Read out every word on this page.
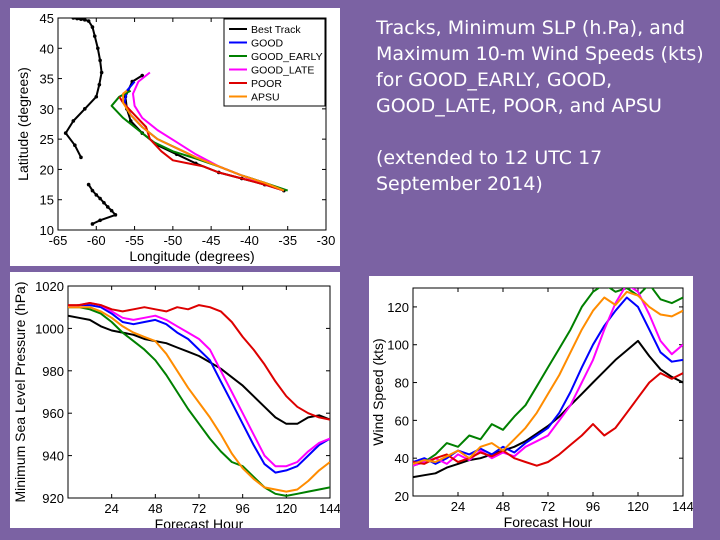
-65 -60 -55 -50 -45 -40 -35 -30
10
15
20
25
30
35
40
45
Longitude (degrees)
Latitude (degrees)
Best Track
GOOD
GOOD_EARLY
GOOD_LATE
POOR
APSU
24 48 72 96 120 144
920
940
960
980
1000
1020
Forecast Hour
Minimum Sea Level Pressure (hPa)
24 48 72 96 120 144
20
40
60
80
100
120
Forecast Hour
Wind Speed (kts)

Tracks, Minimum SLP (h.Pa), and Maximum 10-m Wind Speeds (kts) for GOOD_EARLY, GOOD, GOOD_LATE, POOR, and APSU

(extended to 12 UTC 17 September 2014)
